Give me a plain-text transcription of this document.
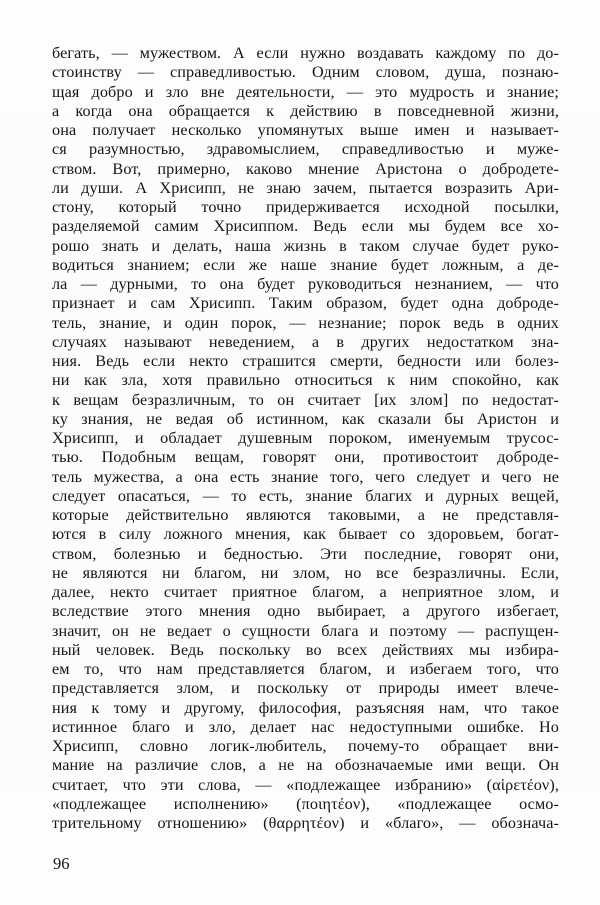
бегать, — мужеством. А если нужно воздавать каждому по до-
стоинству — справедливостью. Одним словом, душа, познаю-
щая добро и зло вне деятельности, — это мудрость и знание;
а когда она обращается к действию в повседневной жизни,
она получает несколько упомянутых выше имен и называет-
ся разумностью, здравомыслием, справедливостью и муже-
ством. Вот, примерно, каково мнение Аристона о добродете-
ли души. А Хрисипп, не знаю зачем, пытается возразить Ари-
стону, который точно придерживается исходной посылки,
разделяемой самим Хрисиппом. Ведь если мы будем все хо-
рошо знать и делать, наша жизнь в таком случае будет руко-
водиться знанием; если же наше знание будет ложным, а де-
ла — дурными, то она будет руководиться незнанием, — что
признает и сам Хрисипп. Таким образом, будет одна доброде-
тель, знание, и один порок, — незнание; порок ведь в одних
случаях называют неведением, а в других недостатком зна-
ния. Ведь если некто страшится смерти, бедности или болез-
ни как зла, хотя правильно относиться к ним спокойно, как
к вещам безразличным, то он считает [их злом] по недостат-
ку знания, не ведая об истинном, как сказали бы Аристон и
Хрисипп, и обладает душевным пороком, именуемым трусос-
тью. Подобным вещам, говорят они, противостоит доброде-
тель мужества, а она есть знание того, чего следует и чего не
следует опасаться, — то есть, знание благих и дурных вещей,
которые действительно являются таковыми, а не представля-
ются в силу ложного мнения, как бывает со здоровьем, богат-
ством, болезнью и бедностью. Эти последние, говорят они,
не являются ни благом, ни злом, но все безразличны. Если,
далее, некто считает приятное благом, а неприятное злом, и
вследствие этого мнения одно выбирает, а другого избегает,
значит, он не ведает о сущности блага и поэтому — распущен-
ный человек. Ведь поскольку во всех действиях мы избира-
ем то, что нам представляется благом, и избегаем того, что
представляется злом, и поскольку от природы имеет влече-
ния к тому и другому, философия, разъясняя нам, что такое
истинное благо и зло, делает нас недоступными ошибке. Но
Хрисипп, словно логик-любитель, почему-то обращает вни-
мание на различие слов, а не на обозначаемые ими вещи. Он
считает, что эти слова, — «подлежащее избранию» (αἱρετέον),
«подлежащее исполнению» (ποιητέον), «подлежащее осмо-
трительному отношению» (θαρρητέον) и «благо», — обознача-
96
